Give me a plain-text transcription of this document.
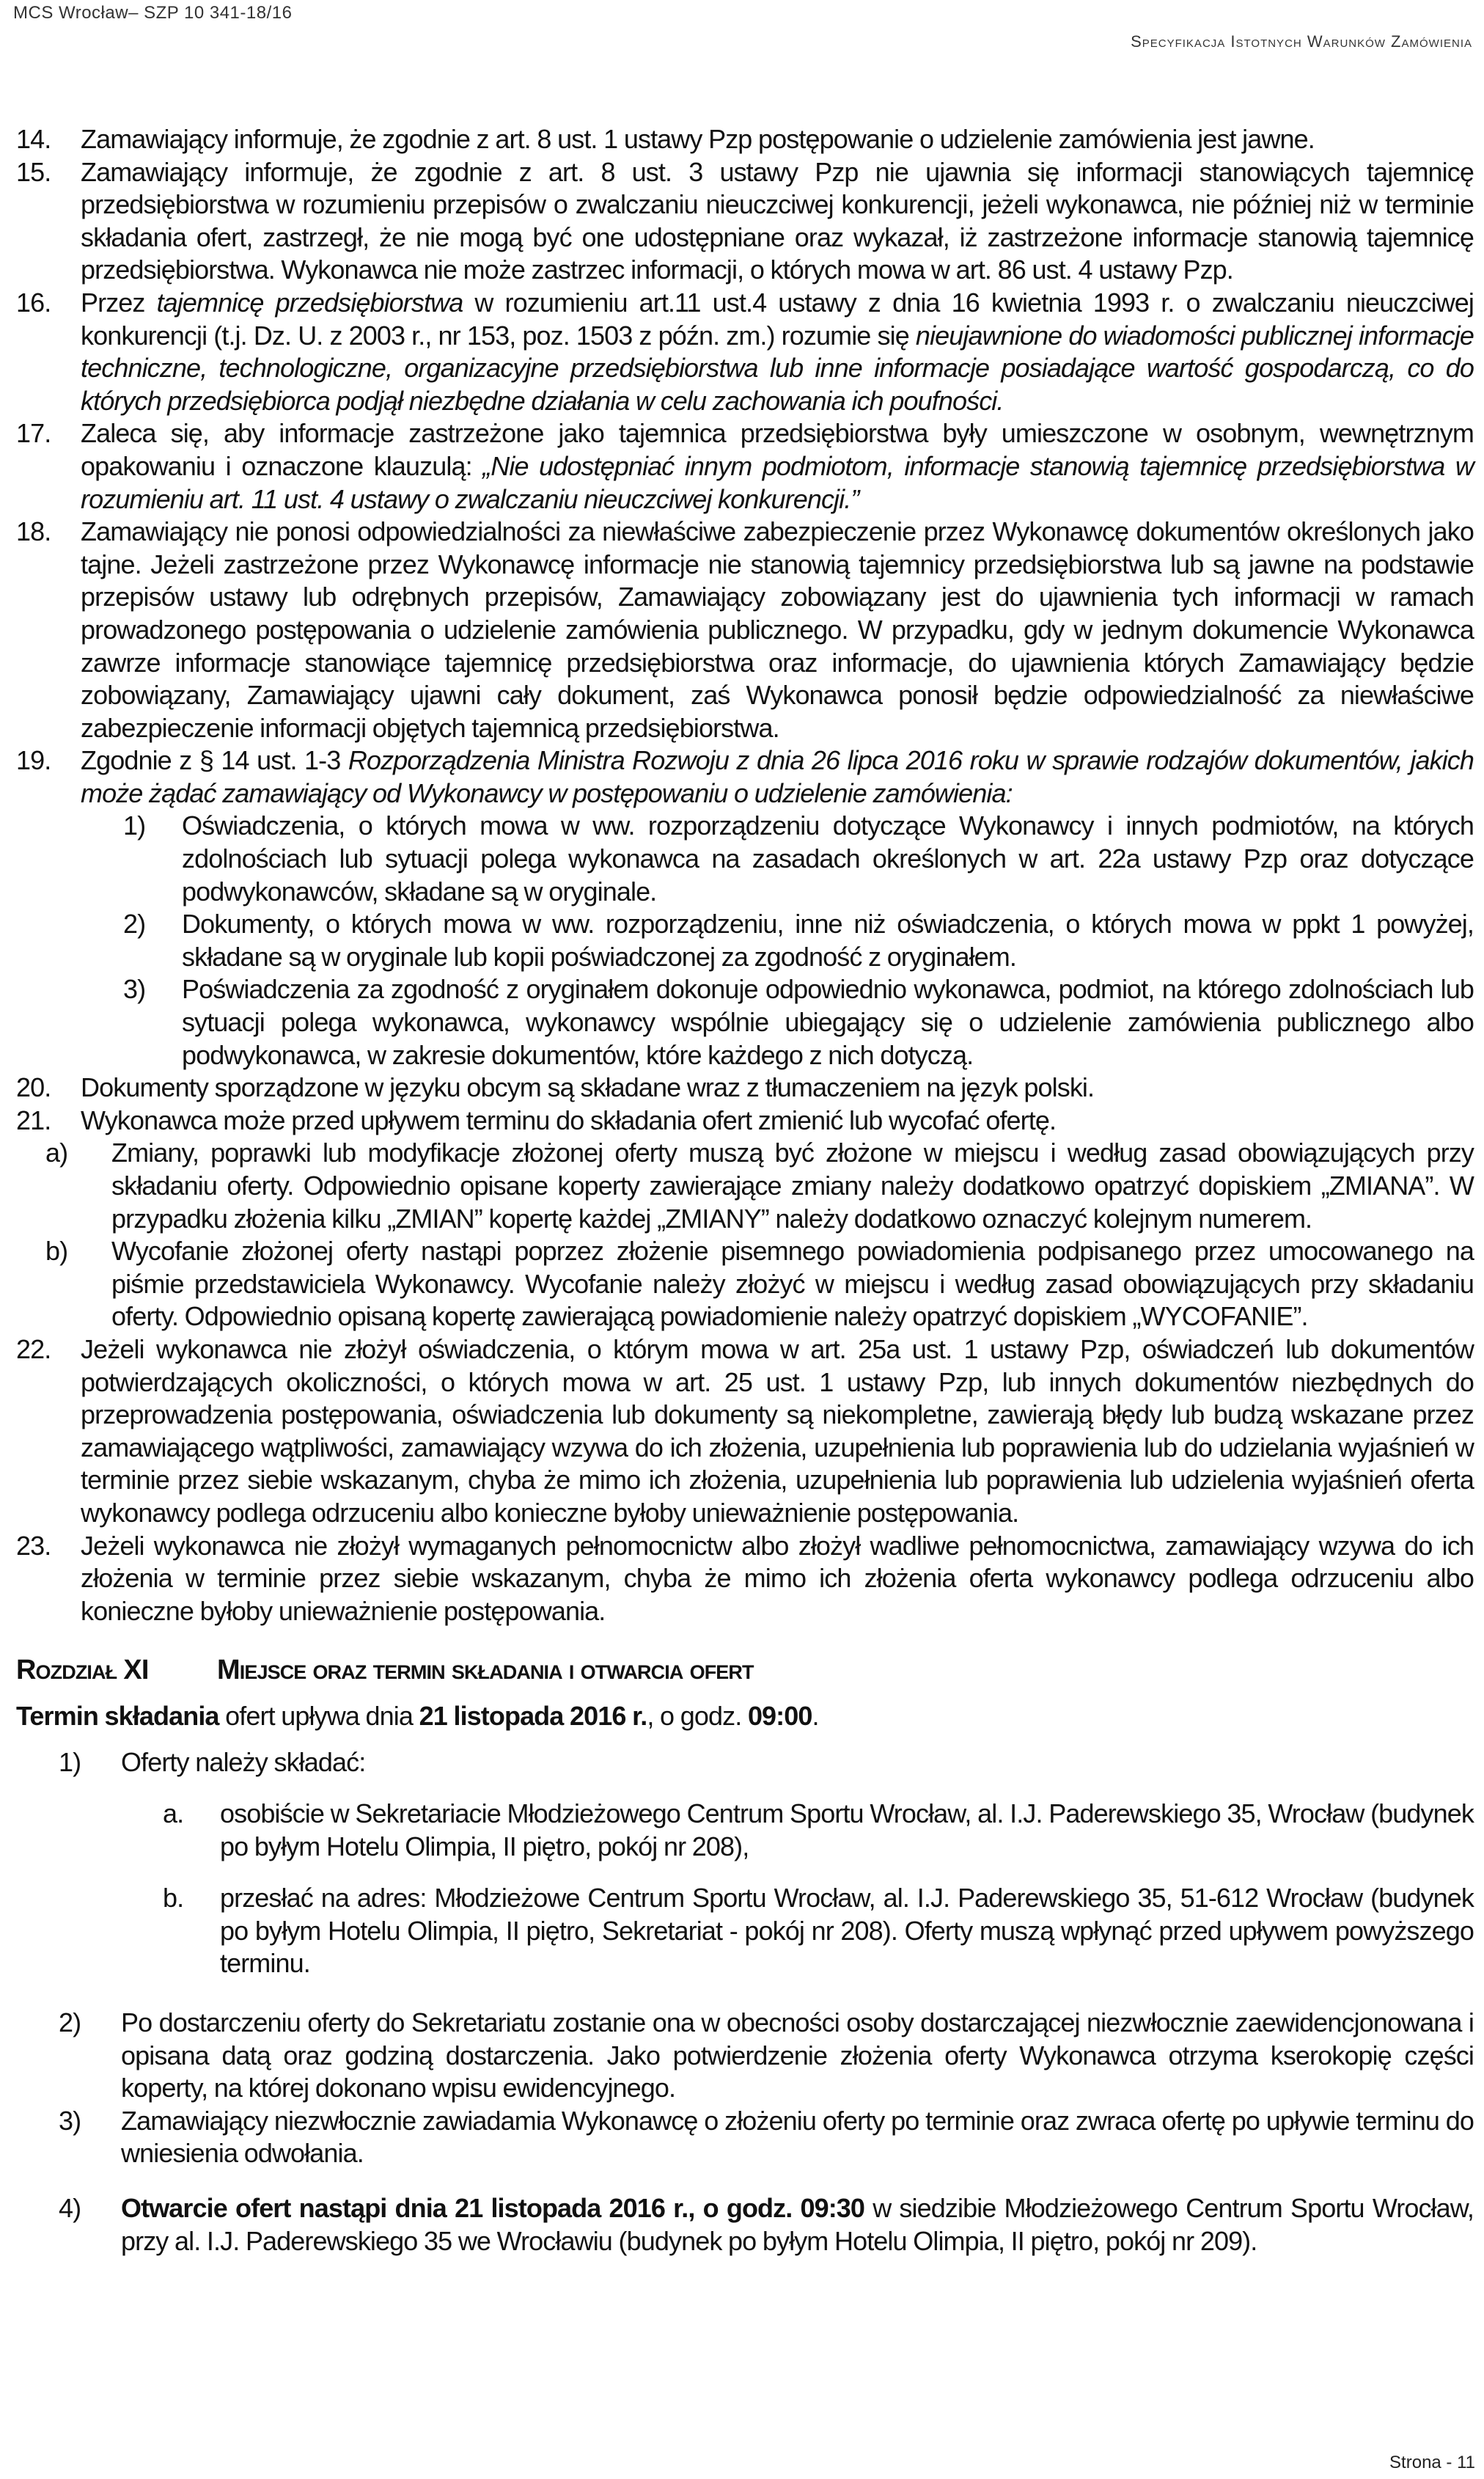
MCS Wrocław– SZP 10 341-18/16
Specyfikacja Istotnych Warunków Zamówienia
14.	Zamawiający informuje, że zgodnie z art. 8 ust. 1 ustawy Pzp postępowanie o udzielenie zamówienia jest jawne.
15.	Zamawiający informuje, że zgodnie z art. 8 ust. 3 ustawy Pzp nie ujawnia się informacji stanowiących tajemnicę przedsiębiorstwa w rozumieniu przepisów o zwalczaniu nieuczciwej konkurencji, jeżeli wykonawca, nie później niż w terminie składania ofert, zastrzegł, że nie mogą być one udostępniane oraz wykazał, iż zastrzeżone informacje stanowią tajemnicę przedsiębiorstwa. Wykonawca nie może zastrzec informacji, o których mowa w art. 86 ust. 4 ustawy Pzp.
16.	Przez tajemnicę przedsiębiorstwa w rozumieniu art.11 ust.4 ustawy z dnia 16 kwietnia 1993 r. o zwalczaniu nieuczciwej konkurencji (t.j. Dz. U. z 2003 r., nr 153, poz. 1503 z późn. zm.) rozumie się nieujawnione do wiadomości publicznej informacje techniczne, technologiczne, organizacyjne przedsiębiorstwa lub inne informacje posiadające wartość gospodarczą, co do których przedsiębiorca podjął niezbędne działania w celu zachowania ich poufności.
17.	Zaleca się, aby informacje zastrzeżone jako tajemnica przedsiębiorstwa były umieszczone w osobnym, wewnętrznym opakowaniu i oznaczone klauzulą: „Nie udostępniać innym podmiotom, informacje stanowią tajemnicę przedsiębiorstwa w rozumieniu art. 11 ust. 4 ustawy o zwalczaniu nieuczciwej konkurencji.”
18.	Zamawiający nie ponosi odpowiedzialności za niewłaściwe zabezpieczenie przez Wykonawcę dokumentów określonych jako tajne. Jeżeli zastrzeżone przez Wykonawcę informacje nie stanowią tajemnicy przedsiębiorstwa lub są jawne na podstawie przepisów ustawy lub odrębnych przepisów, Zamawiający zobowiązany jest do ujawnienia tych informacji w ramach prowadzonego postępowania o udzielenie zamówienia publicznego. W przypadku, gdy w jednym dokumencie Wykonawca zawrze informacje stanowiące tajemnicę przedsiębiorstwa oraz informacje, do ujawnienia których Zamawiający będzie zobowiązany, Zamawiający ujawni cały dokument, zaś Wykonawca ponosił będzie odpowiedzialność za niewłaściwe zabezpieczenie informacji objętych tajemnicą przedsiębiorstwa.
19.	Zgodnie z § 14 ust. 1-3 Rozporządzenia Ministra Rozwoju z dnia 26 lipca 2016 roku w sprawie rodzajów dokumentów, jakich może żądać zamawiający od Wykonawcy w postępowaniu o udzielenie zamówienia:
1)	Oświadczenia, o których mowa w ww. rozporządzeniu dotyczące Wykonawcy i innych podmiotów, na których zdolnościach lub sytuacji polega wykonawca na zasadach określonych w art. 22a ustawy Pzp oraz dotyczące podwykonawców, składane są w oryginale.
2)	Dokumenty, o których mowa w ww. rozporządzeniu, inne niż oświadczenia, o których mowa w ppkt 1 powyżej, składane są w oryginale lub kopii poświadczonej za zgodność z oryginałem.
3)	Poświadczenia za zgodność z oryginałem dokonuje odpowiednio wykonawca, podmiot, na którego zdolnościach lub sytuacji polega wykonawca, wykonawcy wspólnie ubiegający się o udzielenie zamówienia publicznego albo podwykonawca, w zakresie dokumentów, które każdego z nich dotyczą.
20.	Dokumenty sporządzone w języku obcym są składane wraz z tłumaczeniem na język polski.
21.	Wykonawca może przed upływem terminu do składania ofert zmienić lub wycofać ofertę.
a)	Zmiany, poprawki lub modyfikacje złożonej oferty muszą być złożone w miejscu i według zasad obowiązujących przy składaniu oferty. Odpowiednio opisane koperty zawierające zmiany należy dodatkowo opatrzyć dopiskiem „ZMIANA”. W przypadku złożenia kilku „ZMIAN” kopertę każdej „ZMIANY” należy dodatkowo oznaczyć kolejnym numerem.
b)	Wycofanie złożonej oferty nastąpi poprzez złożenie pisemnego powiadomienia podpisanego przez umocowanego na piśmie przedstawiciela Wykonawcy. Wycofanie należy złożyć w miejscu i według zasad obowiązujących przy składaniu oferty. Odpowiednio opisaną kopertę zawierającą powiadomienie należy opatrzyć dopiskiem „WYCOFANIE”.
22.	Jeżeli wykonawca nie złożył oświadczenia, o którym mowa w art. 25a ust. 1 ustawy Pzp, oświadczeń lub dokumentów potwierdzających okoliczności, o których mowa w art. 25 ust. 1 ustawy Pzp, lub innych dokumentów niezbędnych do przeprowadzenia postępowania, oświadczenia lub dokumenty są niekompletne, zawierają błędy lub budzą wskazane przez zamawiającego wątpliwości, zamawiający wzywa do ich złożenia, uzupełnienia lub poprawienia lub do udzielania wyjaśnień w terminie przez siebie wskazanym, chyba że mimo ich złożenia, uzupełnienia lub poprawienia lub udzielenia wyjaśnień oferta wykonawcy podlega odrzuceniu albo konieczne byłoby unieważnienie postępowania.
23.	Jeżeli wykonawca nie złożył wymaganych pełnomocnictw albo złożył wadliwe pełnomocnictwa, zamawiający wzywa do ich złożenia w terminie przez siebie wskazanym, chyba że mimo ich złożenia oferta wykonawcy podlega odrzuceniu albo konieczne byłoby unieważnienie postępowania.
Rozdział XI	Miejsce oraz termin składania i otwarcia ofert
Termin składania ofert upływa dnia 21 listopada 2016 r., o godz. 09:00.
1)	Oferty należy składać:
a.	osobiście w Sekretariacie Młodzieżowego Centrum Sportu Wrocław, al. I.J. Paderewskiego 35, Wrocław (budynek po byłym Hotelu Olimpia, II piętro, pokój nr 208),
b.	przesłać na adres: Młodzieżowe Centrum Sportu Wrocław, al. I.J. Paderewskiego 35, 51-612 Wrocław (budynek po byłym Hotelu Olimpia, II piętro, Sekretariat - pokój nr 208). Oferty muszą wpłynąć przed upływem powyższego terminu.
2)	Po dostarczeniu oferty do Sekretariatu zostanie ona w obecności osoby dostarczającej niezwłocznie zaewidencjonowana i opisana datą oraz godziną dostarczenia. Jako potwierdzenie złożenia oferty Wykonawca otrzyma kserokopię części koperty, na której dokonano wpisu ewidencyjnego.
3)	Zamawiający niezwłocznie zawiadamia Wykonawcę o złożeniu oferty po terminie oraz zwraca ofertę po upływie terminu do wniesienia odwołania.
4)	Otwarcie ofert nastąpi dnia 21 listopada 2016 r., o godz. 09:30 w siedzibie Młodzieżowego Centrum Sportu Wrocław, przy al. I.J. Paderewskiego 35 we Wrocławiu (budynek po byłym Hotelu Olimpia, II piętro, pokój nr 209).
Strona - 11
